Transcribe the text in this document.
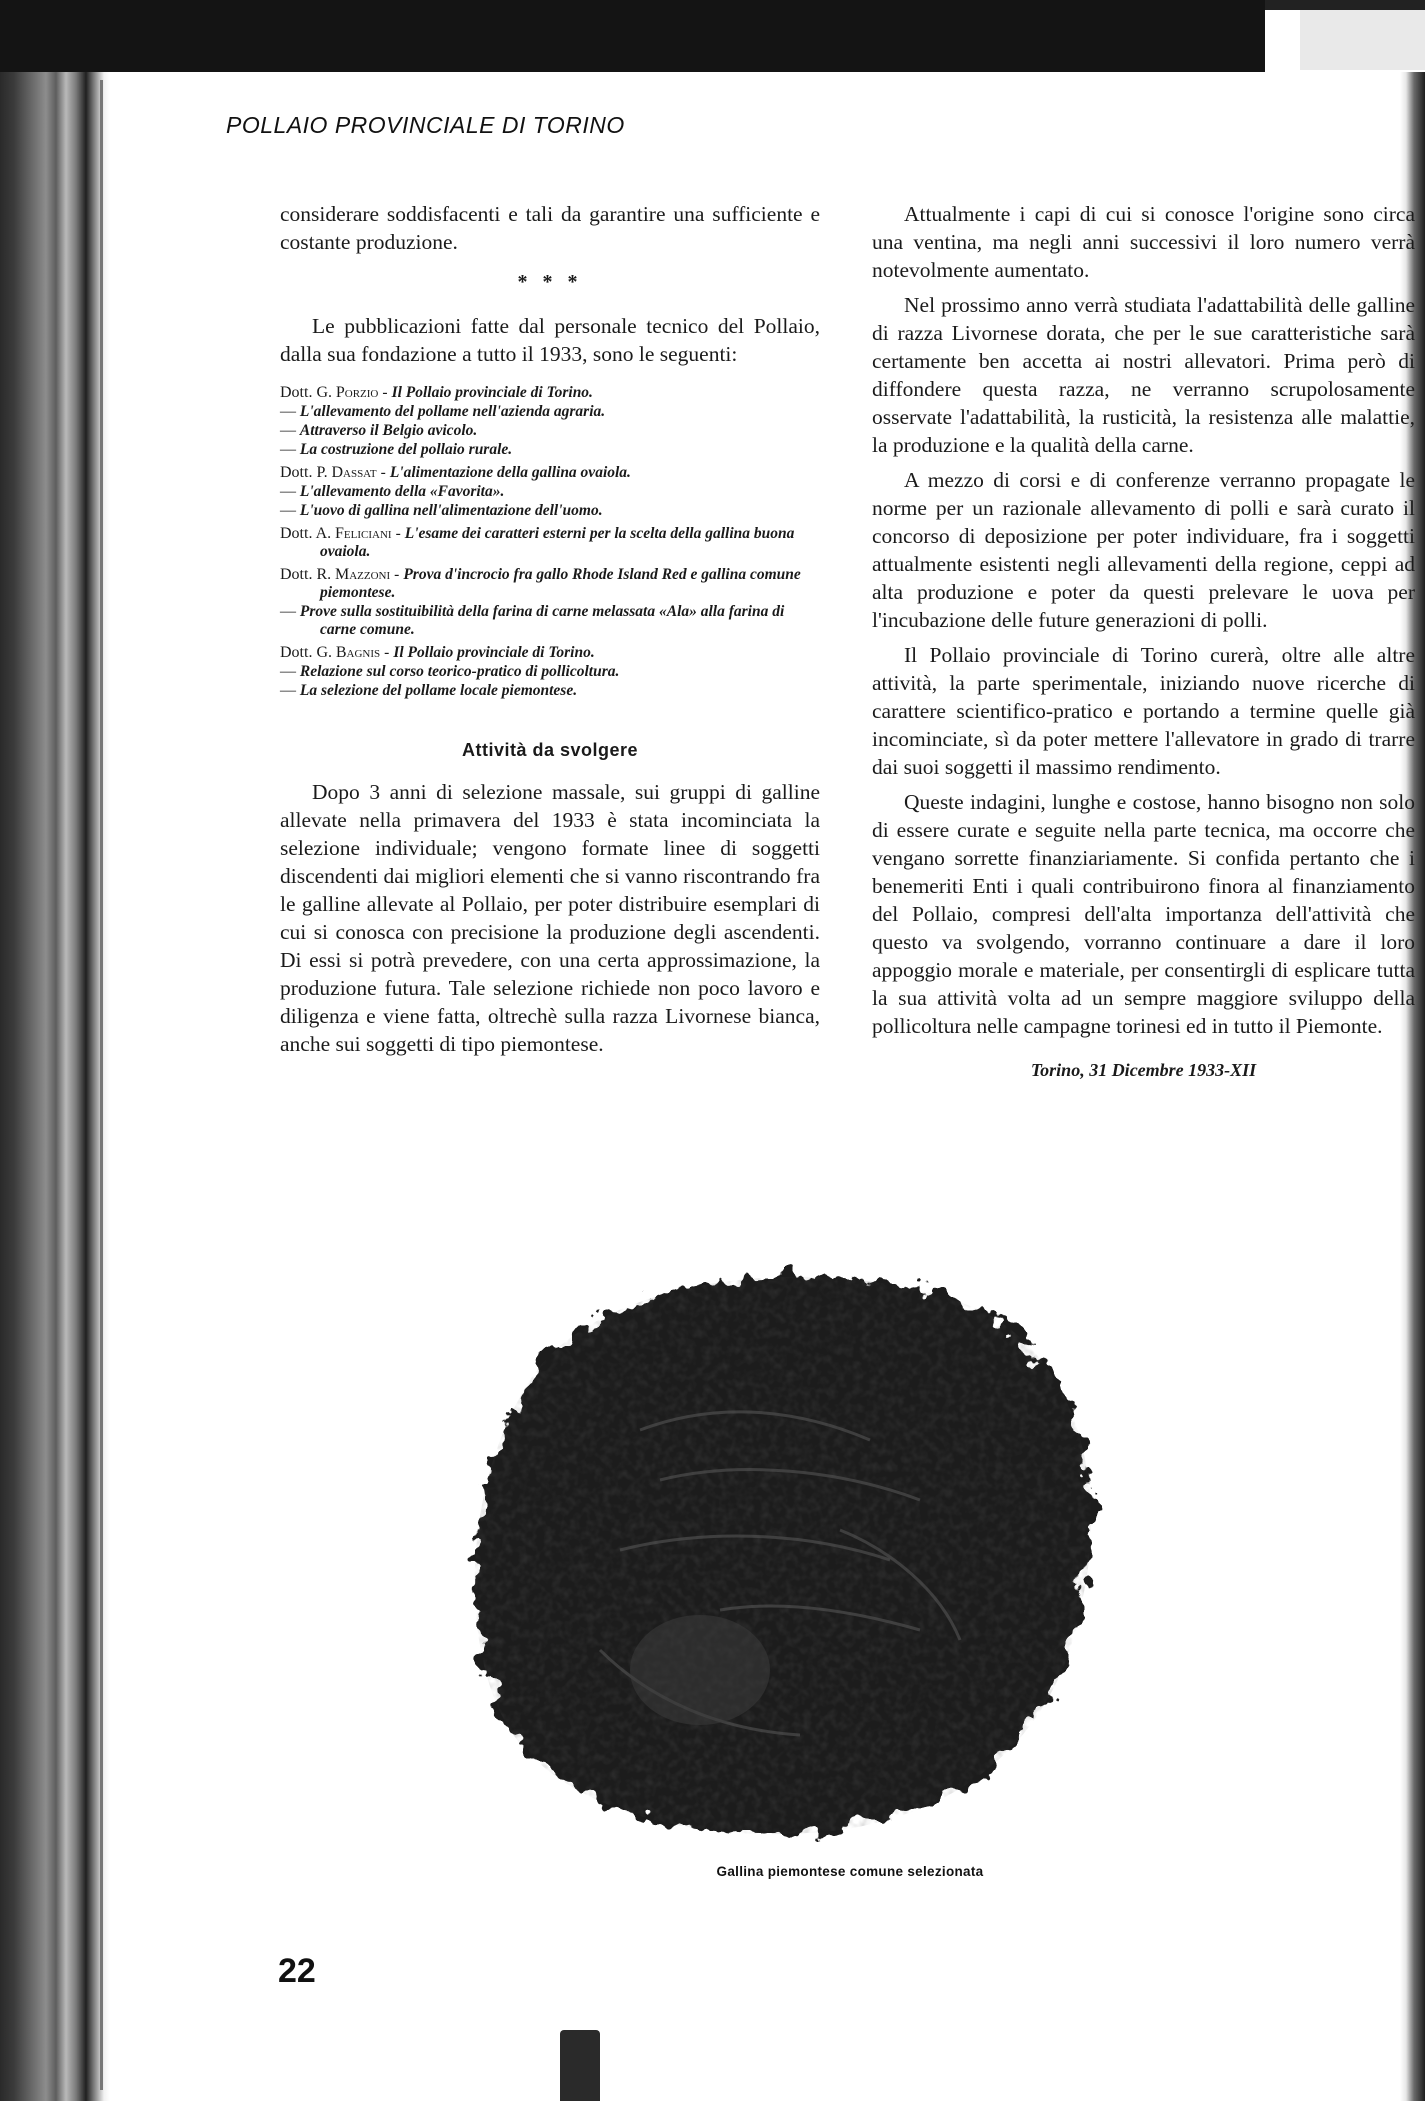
POLLAIO PROVINCIALE DI TORINO

considerare soddisfacenti e tali da garantire una sufficiente e costante produzione.

* * *

Le pubblicazioni fatte dal personale tecnico del Pollaio, dalla sua fondazione a tutto il 1933, sono le seguenti:

Dott. G. Porzio - Il Pollaio provinciale di Torino.
— L'allevamento del pollame nell'azienda agraria.
— Attraverso il Belgio avicolo.
— La costruzione del pollaio rurale.
Dott. P. Dassat - L'alimentazione della gallina ovaiola.
— L'allevamento della «Favorita».
— L'uovo di gallina nell'alimentazione dell'uomo.
Dott. A. Feliciani - L'esame dei caratteri esterni per la scelta della gallina buona ovaiola.
Dott. R. Mazzoni - Prova d'incrocio fra gallo Rhode Island Red e gallina comune piemontese.
— Prove sulla sostituibilità della farina di carne melassata «Ala» alla farina di carne comune.
Dott. G. Bagnis - Il Pollaio provinciale di Torino.
— Relazione sul corso teorico-pratico di pollicoltura.
— La selezione del pollame locale piemontese.
Attività da svolgere

Dopo 3 anni di selezione massale, sui gruppi di galline allevate nella primavera del 1933 è stata incominciata la selezione individuale; vengono formate linee di soggetti discendenti dai migliori elementi che si vanno riscontrando fra le galline allevate al Pollaio, per poter distribuire esemplari di cui si conosca con precisione la produzione degli ascendenti. Di essi si potrà prevedere, con una certa approssimazione, la produzione futura. Tale selezione richiede non poco lavoro e diligenza e viene fatta, oltrechè sulla razza Livornese bianca, anche sui soggetti di tipo piemontese.

Attualmente i capi di cui si conosce l'origine sono circa una ventina, ma negli anni successivi il loro numero verrà notevolmente aumentato.

Nel prossimo anno verrà studiata l'adattabilità delle galline di razza Livornese dorata, che per le sue caratteristiche sarà certamente ben accetta ai nostri allevatori. Prima però di diffondere questa razza, ne verranno scrupolosamente osservate l'adattabilità, la rusticità, la resistenza alle malattie, la produzione e la qualità della carne.

A mezzo di corsi e di conferenze verranno propagate le norme per un razionale allevamento di polli e sarà curato il concorso di deposizione per poter individuare, fra i soggetti attualmente esistenti negli allevamenti della regione, ceppi ad alta produzione e poter da questi prelevare le uova per l'incubazione delle future generazioni di polli.

Il Pollaio provinciale di Torino curerà, oltre alle altre attività, la parte sperimentale, iniziando nuove ricerche di carattere scientifico-pratico e portando a termine quelle già incominciate, sì da poter mettere l'allevatore in grado di trarre dai suoi soggetti il massimo rendimento.

Queste indagini, lunghe e costose, hanno bisogno non solo di essere curate e seguite nella parte tecnica, ma occorre che vengano sorrette finanziariamente. Si confida pertanto che i benemeriti Enti i quali contribuirono finora al finanziamento del Pollaio, compresi dell'alta importanza dell'attività che questo va svolgendo, vorranno continuare a dare il loro appoggio morale e materiale, per consentirgli di esplicare tutta la sua attività volta ad un sempre maggiore sviluppo della pollicoltura nelle campagne torinesi ed in tutto il Piemonte.

Torino, 31 Dicembre 1933-XII
Gallina piemontese comune selezionata
22
